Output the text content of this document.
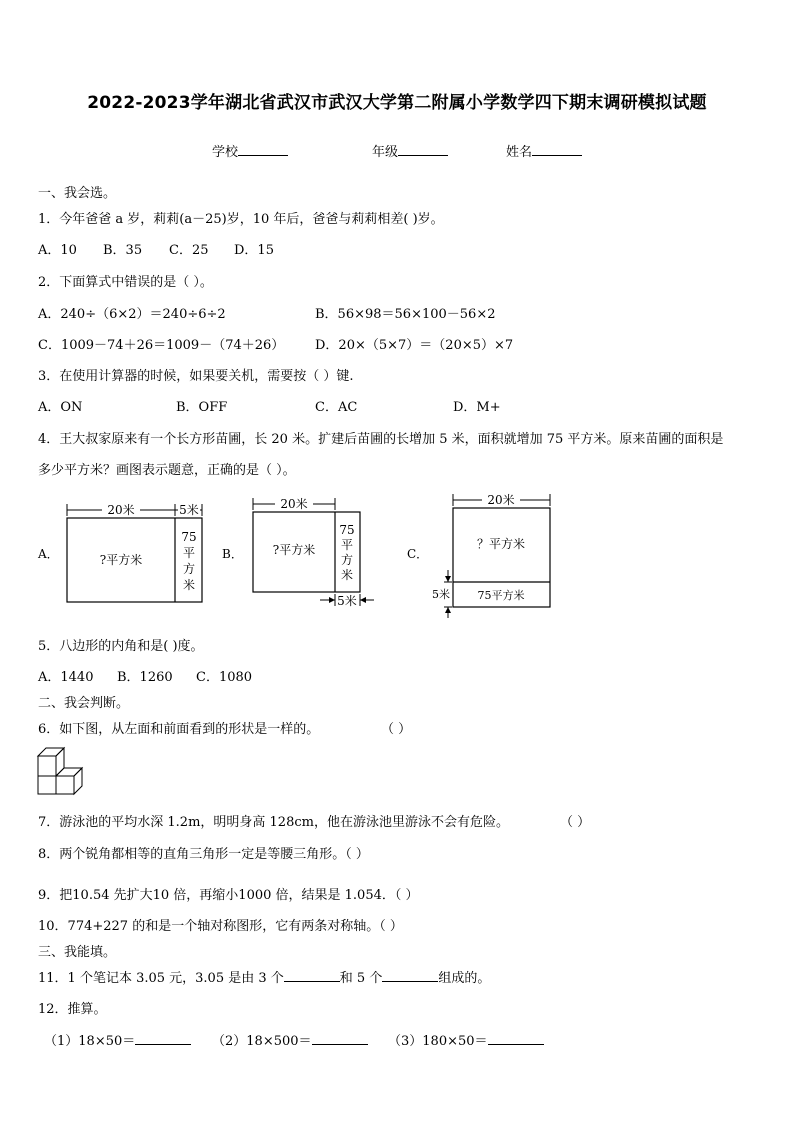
2022-2023学年湖北省武汉市武汉大学第二附属小学数学四下期末调研模拟试题
学校	年级	姓名
一、我会选。
1．今年爸爸 a 岁，莉莉(a－25)岁，10 年后，爸爸与莉莉相差( )岁。
A．10 B．35 C．25 D．15
2．下面算式中错误的是（ ）。
A．240÷（6×2）＝240÷6÷2	B．56×98＝56×100－56×2
C．1009－74＋26＝1009－（74＋26） D．20×（5×7）＝（20×5）×7
3．在使用计算器的时候，如果要关机，需要按（ ）键.
A．ON	B．OFF	C．AC	D．M+
4．王大叔家原来有一个长方形苗圃，长 20 米。扩建后苗圃的长增加 5 米，面积就增加 75 平方米。原来苗圃的面积是
多少平方米？画图表示题意，正确的是（ ）。
A．
20米	5米
?平方米
75
平
方
米
B．
20米
?平方米
75
平
方
米
5米
C．
20米
？平方米
75平方米
5米
5．八边形的内角和是( )度。
A．1440 B．1260 C．1080
二、我会判断。
6．如下图，从左面和前面看到的形状是一样的。	（ ）
7．游泳池的平均水深 1.2m，明明身高 128cm，他在游泳池里游泳不会有危险。	（ ）
8．两个锐角都相等的直角三角形一定是等腰三角形。（ ）
9．把10.54 先扩大10 倍，再缩小1000 倍，结果是 1.054．（ ）
10．774+227 的和是一个轴对称图形，它有两条对称轴。（ ）
三、我能填。
11．1 个笔记本 3.05 元，3.05 是由 3 个	和 5 个	组成的。
12．推算。
（1）18×50＝	（2）18×500＝	（3）180×50＝
